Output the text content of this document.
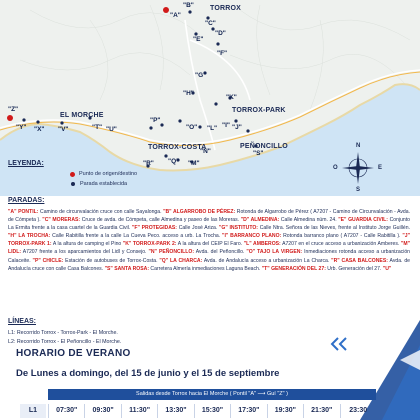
TORROX
EL MORCHE
TORROX-PARK
TORROX-COSTA	PEÑONCILLO
"B"
"A"
"C"
"D"
"E"
"F"
"G"
"H"
"I" "J"
"K"
"L"
"M"
"N"
"O"
"P"
"Q"
"R"
"S"
"T" "U"
"V"
"X"
"Y"
"Z"
N
S
E
O
LEYENDA:
Punto de origen/destino
Parada establecida
PARADAS:
"A" PONTIL: Camino de circunvalación cruce con calle Sayalonga. "B" ALGARROBO DE PÉREZ: Rotonda de Algarrobo de Pérez ( A7207 - Camino de Circunvalación - Avda. de Cómpeta ). "C" MORERAS: Cruce de avda. de Cómpeta, calle Almedina y paseo de las Moreras. "D" ALMEDINA: Calle Almedina núm. 24. "E" GUARDIA CIVIL: Conjunto La Ermita frente a la casa cuartel de la Guardia Civil. "F" PROTEGIDAS: Calle José Ariza. "G" INSTITUTO: Calle Ntra. Señora de las Nieves, frente al Instituto Jorge Guillén. "H" LA TROCHA: Calle Rabitilla frente a la calle La Cueva Peco. acceso a urb. La Trocha. "I" BARRANCO PLANO: Rotonda barranco plano ( A7207 - Calle Rabitilla ). "J" TORROX-PARK 1: A la altura de camping el Pino "K" TORROX-PARK 2: A la altura del CEIP El Faro. "L" AMBEROS: A7207 en el cruce acceso a urbanización Amberes. "M" LIDL: A7207 frente a los aparcamientos del Lidl y Consejo. "N" PEÑONCILLO: Avda. del Peñoncillo. "O" TAJO LA VIRGEN: Inmediaciones rotonda acceso a urbanización Calaceite. "P" CHICLE: Estación de autobuses de Torrox-Costa. "Q" LA CHARCA: Avda. de Andalucía acceso a urbanización La Charca. "R" CASA BALCONES: Avda. de Andalucía cruce con calle Casa Balcones. "S" SANTA ROSA: Carretera Almería inmediaciones Laguna Beach. "T" GENERACIÓN DEL 27: Urb. Generación del 27. "U"
LÍNEAS:
L1: Recorrido Torrox - Torrox-Park - El Morche.
L2: Recorrido Torrox - El Peñoncillo - El Morche.
HORARIO DE VERANO
De Lunes a domingo, del 15 de junio y el 15 de septiembre
Salidas desde Torrox hacia El Morche ( Pontil "A" ⟶ Guí "Z" )
L1	07:30"	09:30"	11:30"	13:30"	15:30"	17:30"	19:30"	21:30"	23:30
